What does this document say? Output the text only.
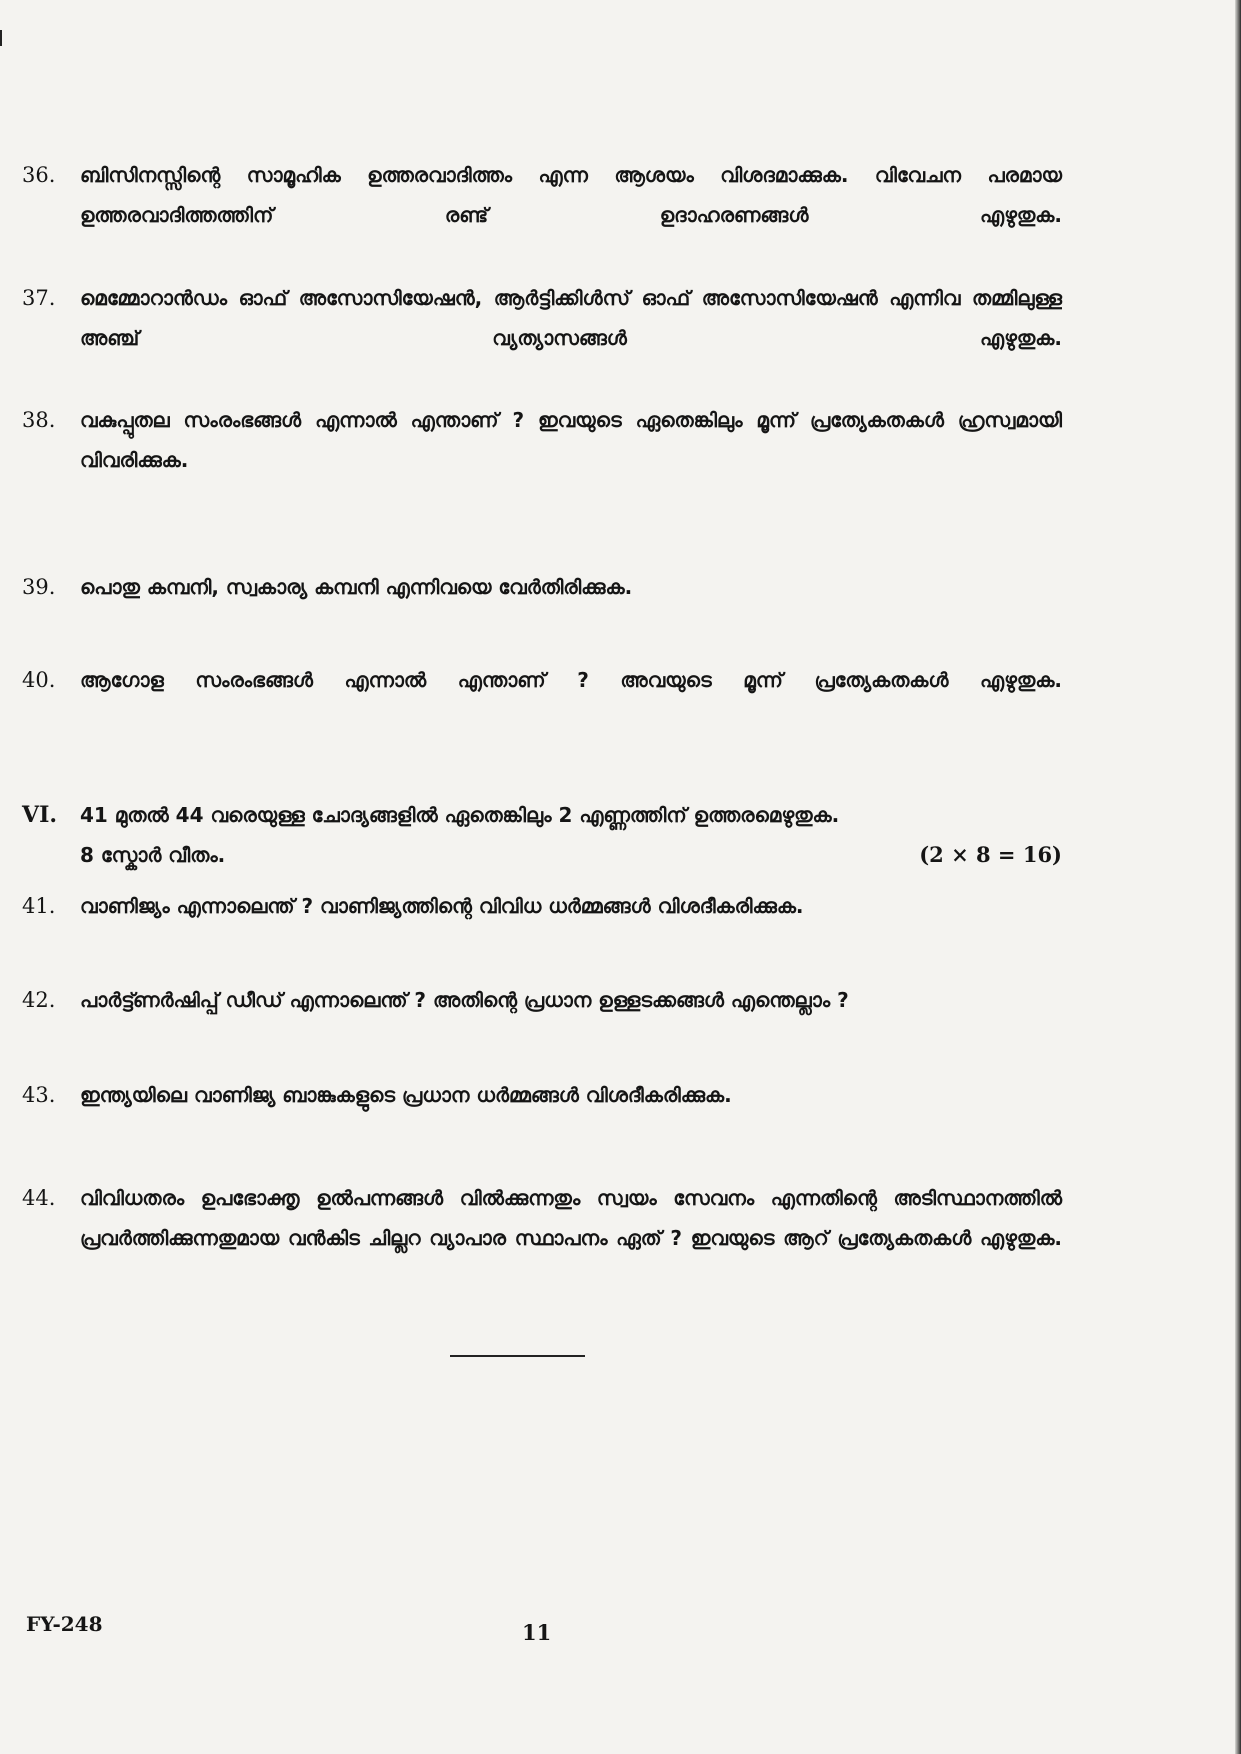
36. ബിസിനസ്സിന്റെ സാമൂഹിക ഉത്തരവാദിത്തം എന്ന ആശയം വിശദമാക്കുക. വിവേചന പരമായ ഉത്തരവാദിത്തത്തിന് രണ്ട് ഉദാഹരണങ്ങൾ എഴുതുക.
37. മെമ്മോറാൻഡം ഓഫ് അസോസിയേഷൻ, ആർട്ടിക്കിൾസ് ഓഫ് അസോസിയേഷൻ എന്നിവ തമ്മിലുള്ള അഞ്ച് വ്യത്യാസങ്ങൾ എഴുതുക.
38. വകുപ്പുതല സംരംഭങ്ങൾ എന്നാൽ എന്താണ് ? ഇവയുടെ ഏതെങ്കിലും മൂന്ന് പ്രത്യേകതകൾ ഹ്രസ്വമായി വിവരിക്കുക.
39. പൊതു കമ്പനി, സ്വകാര്യ കമ്പനി എന്നിവയെ വേർതിരിക്കുക.
40. ആഗോള സംരംഭങ്ങൾ എന്നാൽ എന്താണ് ? അവയുടെ മൂന്ന് പ്രത്യേകതകൾ എഴുതുക.
VI. 41 മുതൽ 44 വരെയുള്ള ചോദ്യങ്ങളിൽ ഏതെങ്കിലും 2 എണ്ണത്തിന് ഉത്തരമെഴുതുക.
8 സ്കോർ വീതം.	(2 × 8 = 16)
41. വാണിജ്യം എന്നാലെന്ത് ? വാണിജ്യത്തിന്റെ വിവിധ ധർമ്മങ്ങൾ വിശദീകരിക്കുക.
42. പാർട്ട്ണർഷിപ്പ് ഡീഡ് എന്നാലെന്ത് ? അതിന്റെ പ്രധാന ഉള്ളടക്കങ്ങൾ എന്തെല്ലാം ?
43. ഇന്ത്യയിലെ വാണിജ്യ ബാങ്കുകളുടെ പ്രധാന ധർമ്മങ്ങൾ വിശദീകരിക്കുക.
44. വിവിധതരം ഉപഭോക്തൃ ഉൽപന്നങ്ങൾ വിൽക്കുന്നതും സ്വയം സേവനം എന്നതിന്റെ അടിസ്ഥാനത്തിൽ പ്രവർത്തിക്കുന്നതുമായ വൻകിട ചില്ലറ വ്യാപാര സ്ഥാപനം ഏത് ? ഇവയുടെ ആറ് പ്രത്യേകതകൾ എഴുതുക.
FY-248	11
